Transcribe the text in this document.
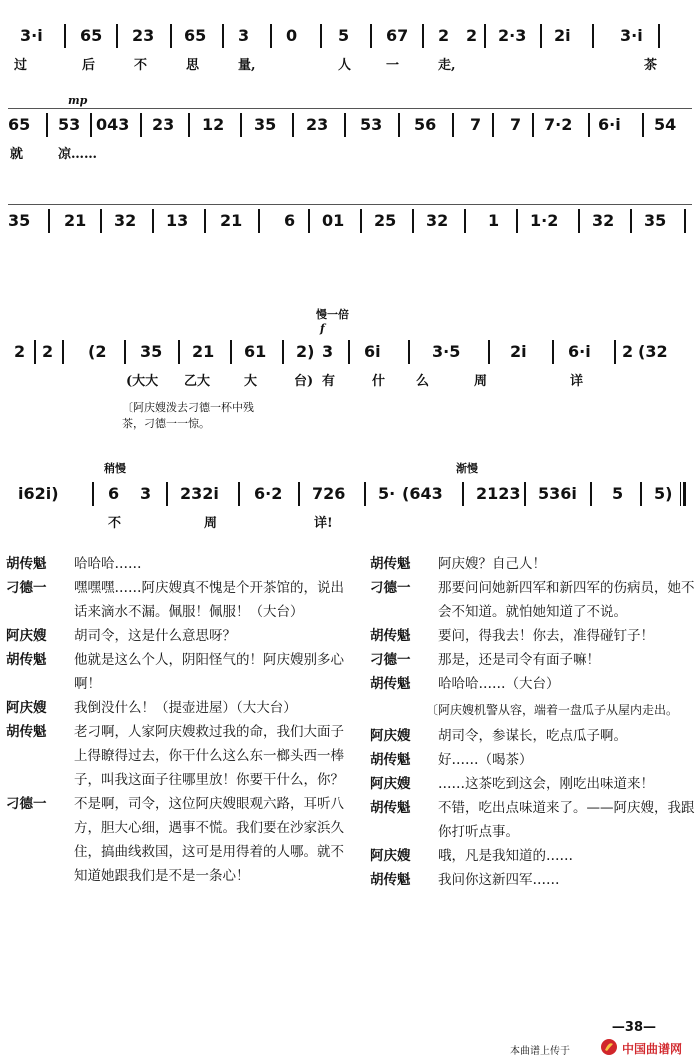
3·i 65 23 65 3 0	5 67 2 2 2·3 2i	3·i
过	后	不	思	量,	人	一	走,	茶
mp
65 53 043 23 12 35 23 53 56 7 7 7·2 6·i 54
就	凉……
35 21 32 13 21	6 01 25 32 1 1·2 32 35
慢一倍
f
2 2 (2 35 21 61 2) 3 6i	3·5	2i	6·i 2 (32
(大大 乙大	大	台) 有	什 么	周	详
〔阿庆嫂泼去刁德一杯中残茶，刁德一一惊。
稍慢	渐慢
i62i)	6 3 232i 6·2 726 5· (643 2123 536i 5 5)
不	周	详!
胡传魁	哈哈哈……
刁德一	嘿嘿嘿……阿庆嫂真不愧是个开茶馆的，说出话来滴水不漏。佩服！佩服！（大台）
阿庆嫂	胡司令，这是什么意思呀？
胡传魁	他就是这么个人，阴阳怪气的！阿庆嫂别多心啊！
阿庆嫂	我倒没什么！（提壶进屋）（大大台）
胡传魁	老刁啊，人家阿庆嫂救过我的命，我们大面子上得瞭得过去，你干什么这么东一榔头西一棒子，叫我这面子往哪里放！你要干什么，你？
刁德一	不是啊，司令，这位阿庆嫂眼观六路，耳听八方，胆大心细，遇事不慌。我们要在沙家浜久住，搞曲线救国，这可是用得着的人哪。就不知道她跟我们是不是一条心！
胡传魁	阿庆嫂？自己人！
刁德一	那要问问她新四军和新四军的伤病员，她不会不知道。就怕她知道了不说。
胡传魁	要问，得我去！你去，准得碰钉子！
刁德一	那是，还是司令有面子嘛！
胡传魁	哈哈哈……（大台）
〔阿庆嫂机警从容，端着一盘瓜子从屋内走出。
阿庆嫂	胡司令，参谋长，吃点瓜子啊。
胡传魁	好……（喝茶）
阿庆嫂	……这茶吃到这会，刚吃出味道来！
胡传魁	不错，吃出点味道来了。——阿庆嫂，我跟你打听点事。
阿庆嫂	哦，凡是我知道的……
胡传魁	我问你这新四军……
—38—
本曲谱上传于	中国曲谱网
